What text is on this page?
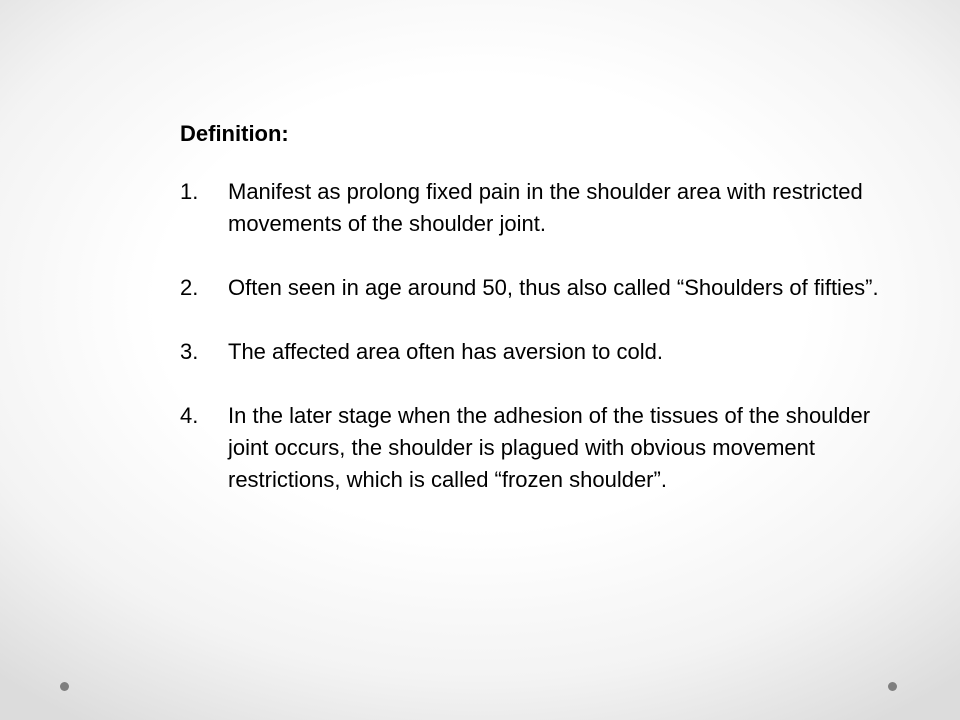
Definition:
1.	Manifest as prolong fixed pain in the shoulder area with restricted movements of the shoulder joint.
2.	Often seen in age around 50, thus also called “Shoulders of fifties”.
3.	The affected area often has aversion to cold.
4.	In the later stage when the adhesion of the tissues of the shoulder joint occurs, the shoulder is plagued with obvious movement restrictions, which is called “frozen shoulder”.
